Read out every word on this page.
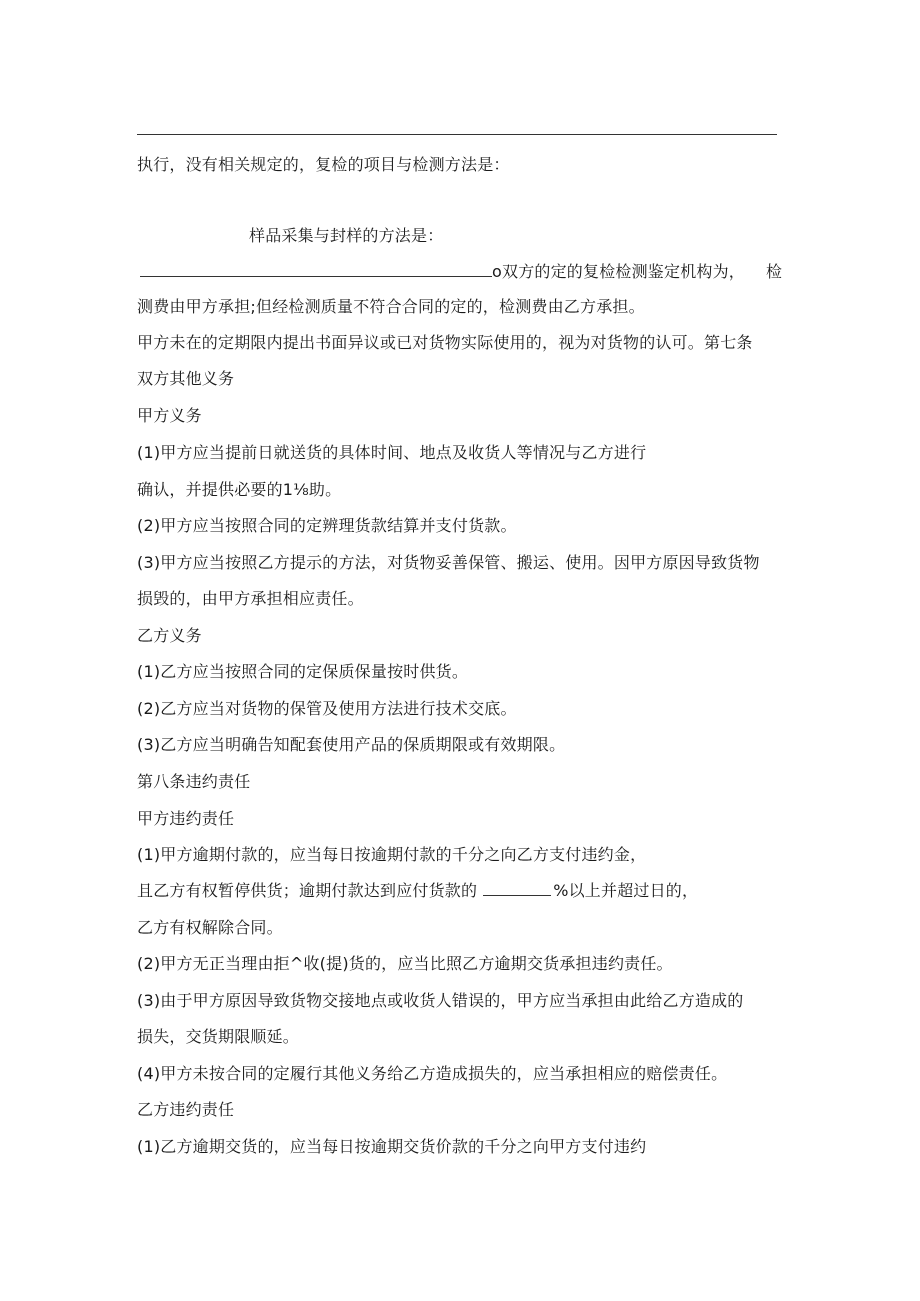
执行，没有相关规定的，复检的项目与检测方法是：
样品采集与封样的方法是：
o双方的定的复检检测鉴定机构为， 检
测费由甲方承担;但经检测质量不符合合同的定的，检测费由乙方承担。
甲方未在的定期限内提出书面异议或已对货物实际使用的，视为对货物的认可。第七条
双方其他义务
甲方义务
(1)甲方应当提前日就送货的具体时间、地点及收货人等情况与乙方进行
确认，并提供必要的1⅛助。
(2)甲方应当按照合同的定辨理货款结算并支付货款。
(3)甲方应当按照乙方提示的方法，对货物妥善保管、搬运、使用。因甲方原因导致货物
损毁的，由甲方承担相应责任。
乙方义务
(1)乙方应当按照合同的定保质保量按时供货。
(2)乙方应当对货物的保管及使用方法进行技术交底。
(3)乙方应当明确告知配套使用产品的保质期限或有效期限。
第八条违约责任
甲方违约责任
(1)甲方逾期付款的，应当每日按逾期付款的千分之向乙方支付违约金，
且乙方有权暂停供货；逾期付款达到应付货款的	%以上并超过日的，
乙方有权解除合同。
(2)甲方无正当理由拒^收(提)货的，应当比照乙方逾期交货承担违约责任。
(3)由于甲方原因导致货物交接地点或收货人错误的，甲方应当承担由此给乙方造成的
损失，交货期限顺延。
(4)甲方未按合同的定履行其他义务给乙方造成损失的，应当承担相应的赔偿责任。
乙方违约责任
(1)乙方逾期交货的，应当每日按逾期交货价款的千分之向甲方支付违约
